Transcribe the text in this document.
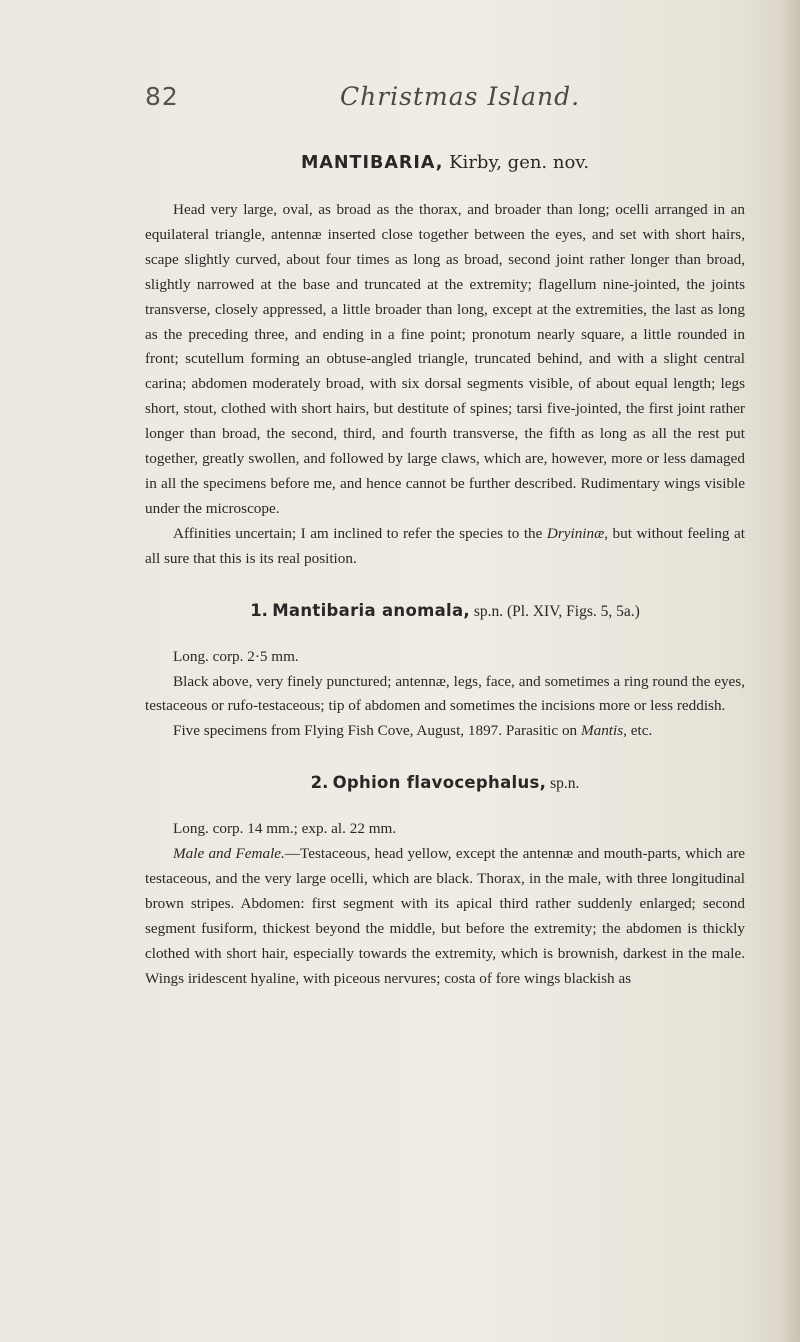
82	Christmas Island.
MANTIBARIA, Kirby, gen. nov.

Head very large, oval, as broad as the thorax, and broader than long; ocelli arranged in an equilateral triangle, antennæ inserted close together between the eyes, and set with short hairs, scape slightly curved, about four times as long as broad, second joint rather longer than broad, slightly narrowed at the base and truncated at the extremity; flagellum nine-jointed, the joints transverse, closely appressed, a little broader than long, except at the extremities, the last as long as the preceding three, and ending in a fine point; pronotum nearly square, a little rounded in front; scutellum forming an obtuse-angled triangle, truncated behind, and with a slight central carina; abdomen moderately broad, with six dorsal segments visible, of about equal length; legs short, stout, clothed with short hairs, but destitute of spines; tarsi five-jointed, the first joint rather longer than broad, the second, third, and fourth transverse, the fifth as long as all the rest put together, greatly swollen, and followed by large claws, which are, however, more or less damaged in all the specimens before me, and hence cannot be further described. Rudimentary wings visible under the microscope.

Affinities uncertain; I am inclined to refer the species to the Dryininæ, but without feeling at all sure that this is its real position.

1. Mantibaria anomala, sp.n. (Pl. XIV, Figs. 5, 5a.)

Long. corp. 2·5 mm.

Black above, very finely punctured; antennæ, legs, face, and sometimes a ring round the eyes, testaceous or rufo-testaceous; tip of abdomen and sometimes the incisions more or less reddish.

Five specimens from Flying Fish Cove, August, 1897. Parasitic on Mantis, etc.

2. Ophion flavocephalus, sp.n.

Long. corp. 14 mm.; exp. al. 22 mm.

Male and Female.—Testaceous, head yellow, except the antennæ and mouth-parts, which are testaceous, and the very large ocelli, which are black. Thorax, in the male, with three longitudinal brown stripes. Abdomen: first segment with its apical third rather suddenly enlarged; second segment fusiform, thickest beyond the middle, but before the extremity; the abdomen is thickly clothed with short hair, especially towards the extremity, which is brownish, darkest in the male. Wings iridescent hyaline, with piceous nervures; costa of fore wings blackish as
